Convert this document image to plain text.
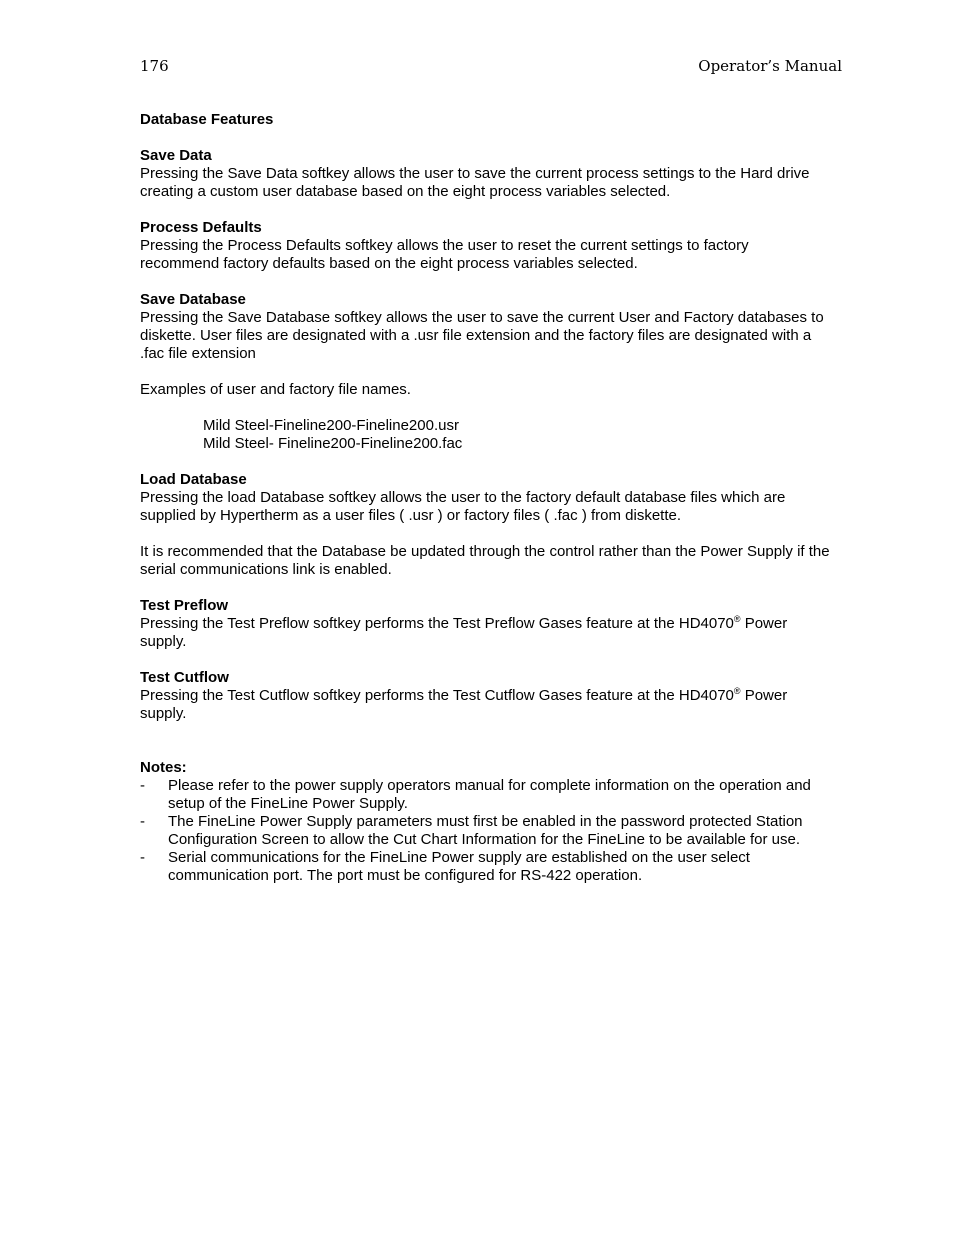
176	Operator’s Manual

Database Features

Save Data

Pressing the Save Data softkey allows the user to save the current process settings to the Hard drive creating a custom user database based on the eight process variables selected.

Process Defaults

Pressing the Process Defaults softkey allows the user to reset the current settings to factory recommend factory defaults based on the eight process variables selected.

Save Database

Pressing the Save Database softkey allows the user to save the current User and Factory databases to diskette. User files are designated with a .usr file extension and the factory files are designated with a .fac file extension

Examples of user and factory file names.

Mild Steel-Fineline200-Fineline200.usr

Mild Steel- Fineline200-Fineline200.fac

Load Database

Pressing the load Database softkey allows the user to the factory default database files which are supplied by Hypertherm as a user files ( .usr ) or factory files ( .fac ) from diskette.

It is recommended that the Database be updated through the control rather than the Power Supply if the serial communications link is enabled.

Test Preflow

Pressing the Test Preflow softkey performs the Test Preflow Gases feature at the HD4070® Power supply.

Test Cutflow

Pressing the Test Cutflow softkey performs the Test Cutflow Gases feature at the HD4070® Power supply.

Notes:

- Please refer to the power supply operators manual for complete information on the operation and setup of the FineLine Power Supply.
- The FineLine Power Supply parameters must first be enabled in the password protected Station Configuration Screen to allow the Cut Chart Information for the FineLine to be available for use.
- Serial communications for the FineLine Power supply are established on the user select communication port. The port must be configured for RS-422 operation.
